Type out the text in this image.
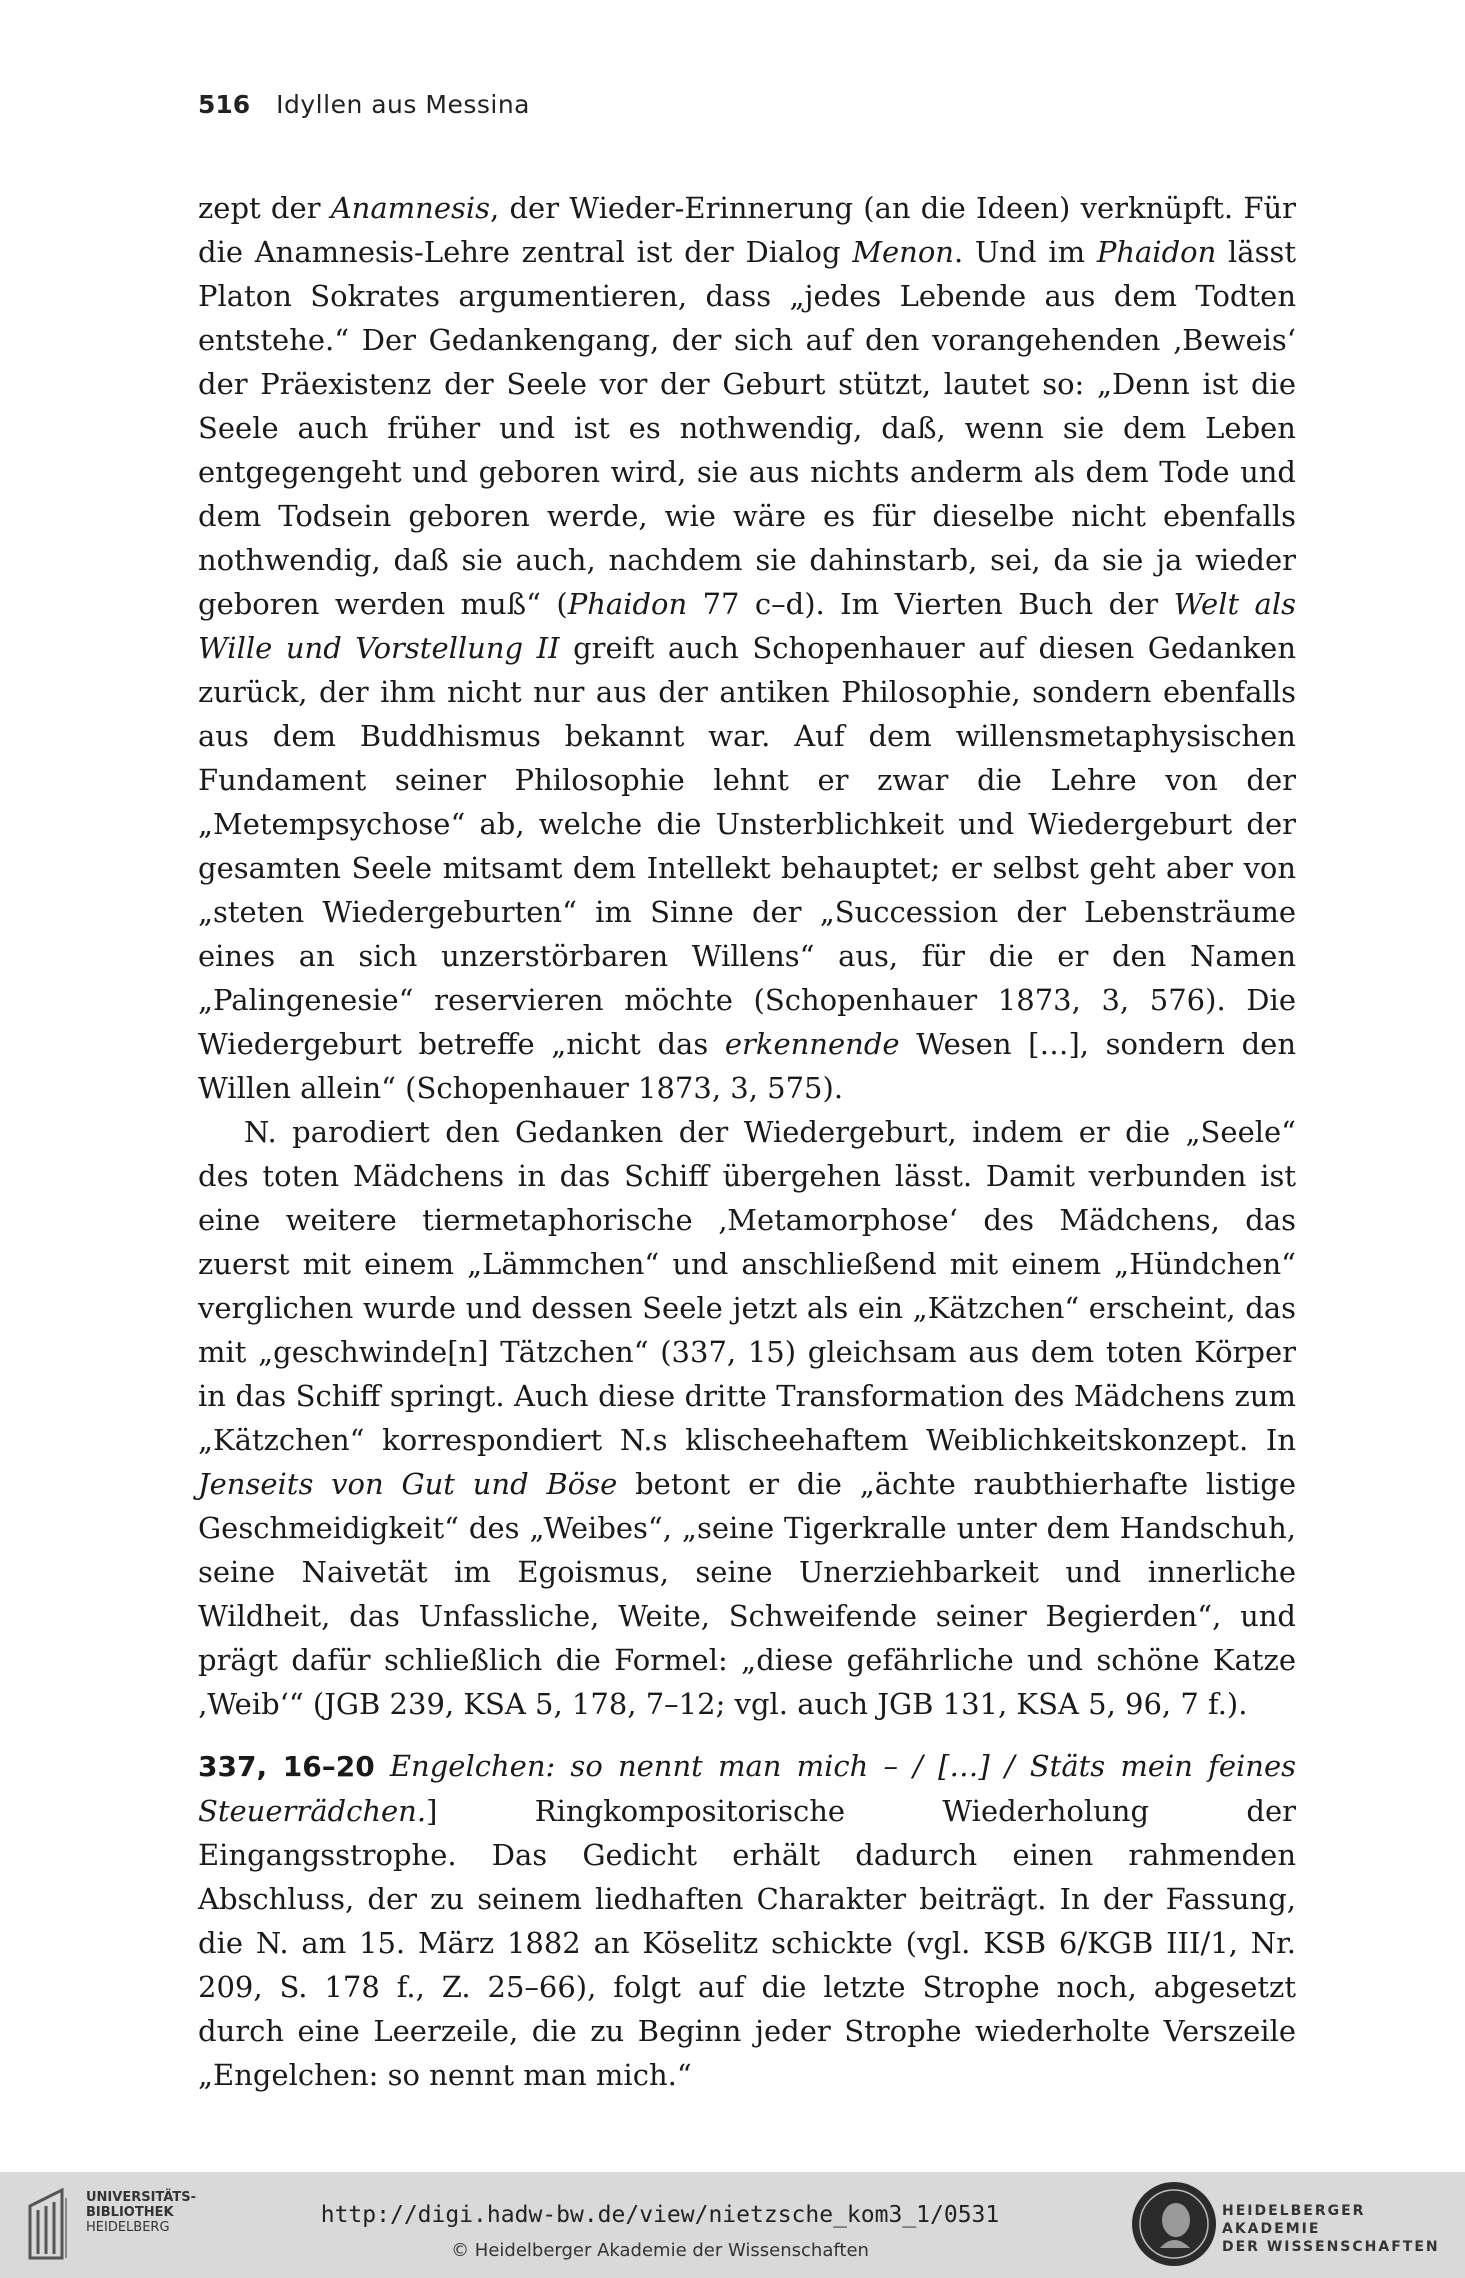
516 Idyllen aus Messina

zept der Anamnesis, der Wieder-Erinnerung (an die Ideen) verknüpft. Für die Anamnesis-Lehre zentral ist der Dialog Menon. Und im Phaidon lässt Platon Sokrates argumentieren, dass „jedes Lebende aus dem Todten entstehe.“ Der Gedankengang, der sich auf den vorangehenden ‚Beweis‘ der Präexistenz der Seele vor der Geburt stützt, lautet so: „Denn ist die Seele auch früher und ist es nothwendig, daß, wenn sie dem Leben entgegengeht und geboren wird, sie aus nichts anderm als dem Tode und dem Todsein geboren werde, wie wäre es für dieselbe nicht ebenfalls nothwendig, daß sie auch, nachdem sie dahinstarb, sei, da sie ja wieder geboren werden muß“ (Phaidon 77 c–d). Im Vierten Buch der Welt als Wille und Vorstellung II greift auch Schopenhauer auf diesen Gedanken zurück, der ihm nicht nur aus der antiken Philosophie, sondern ebenfalls aus dem Buddhismus bekannt war. Auf dem willensmetaphysischen Fundament seiner Philosophie lehnt er zwar die Lehre von der „Metempsychose“ ab, welche die Unsterblichkeit und Wiedergeburt der gesamten Seele mitsamt dem Intellekt behauptet; er selbst geht aber von „steten Wiedergeburten“ im Sinne der „Succession der Lebensträume eines an sich unzerstörbaren Willens“ aus, für die er den Namen „Palingenesie“ reservieren möchte (Schopenhauer 1873, 3, 576). Die Wiedergeburt betreffe „nicht das erkennende Wesen […], sondern den Willen allein“ (Schopenhauer 1873, 3, 575).

N. parodiert den Gedanken der Wiedergeburt, indem er die „Seele“ des toten Mädchens in das Schiff übergehen lässt. Damit verbunden ist eine weitere tiermetaphorische ‚Metamorphose‘ des Mädchens, das zuerst mit einem „Lämmchen“ und anschließend mit einem „Hündchen“ verglichen wurde und dessen Seele jetzt als ein „Kätzchen“ erscheint, das mit „geschwinde[n] Tätzchen“ (337, 15) gleichsam aus dem toten Körper in das Schiff springt. Auch diese dritte Transformation des Mädchens zum „Kätzchen“ korrespondiert N.s klischeehaftem Weiblichkeitskonzept. In Jenseits von Gut und Böse betont er die „ächte raubthierhafte listige Geschmeidigkeit“ des „Weibes“, „seine Tigerkralle unter dem Handschuh, seine Naivetät im Egoismus, seine Unerziehbarkeit und innerliche Wildheit, das Unfassliche, Weite, Schweifende seiner Begierden“, und prägt dafür schließlich die Formel: „diese gefährliche und schöne Katze ‚Weib‘“ (JGB 239, KSA 5, 178, 7–12; vgl. auch JGB 131, KSA 5, 96, 7 f.).

337, 16–20 Engelchen: so nennt man mich – / […] / Stäts mein feines Steuerrädchen.] Ringkompositorische Wiederholung der Eingangsstrophe. Das Gedicht erhält dadurch einen rahmenden Abschluss, der zu seinem liedhaften Charakter beiträgt. In der Fassung, die N. am 15. März 1882 an Köselitz schickte (vgl. KSB 6/KGB III/1, Nr. 209, S. 178 f., Z. 25–66), folgt auf die letzte Strophe noch, abgesetzt durch eine Leerzeile, die zu Beginn jeder Strophe wiederholte Verszeile „Engelchen: so nennt man mich.“

UNIVERSITÄTS-
BIBLIOTHEK
HEIDELBERG	http://digi.hadw-bw.de/view/nietzsche_kom3_1/0531
© Heidelberger Akademie der Wissenschaften
HEIDELBERGER AKADEMIE
DER WISSENSCHAFTEN
